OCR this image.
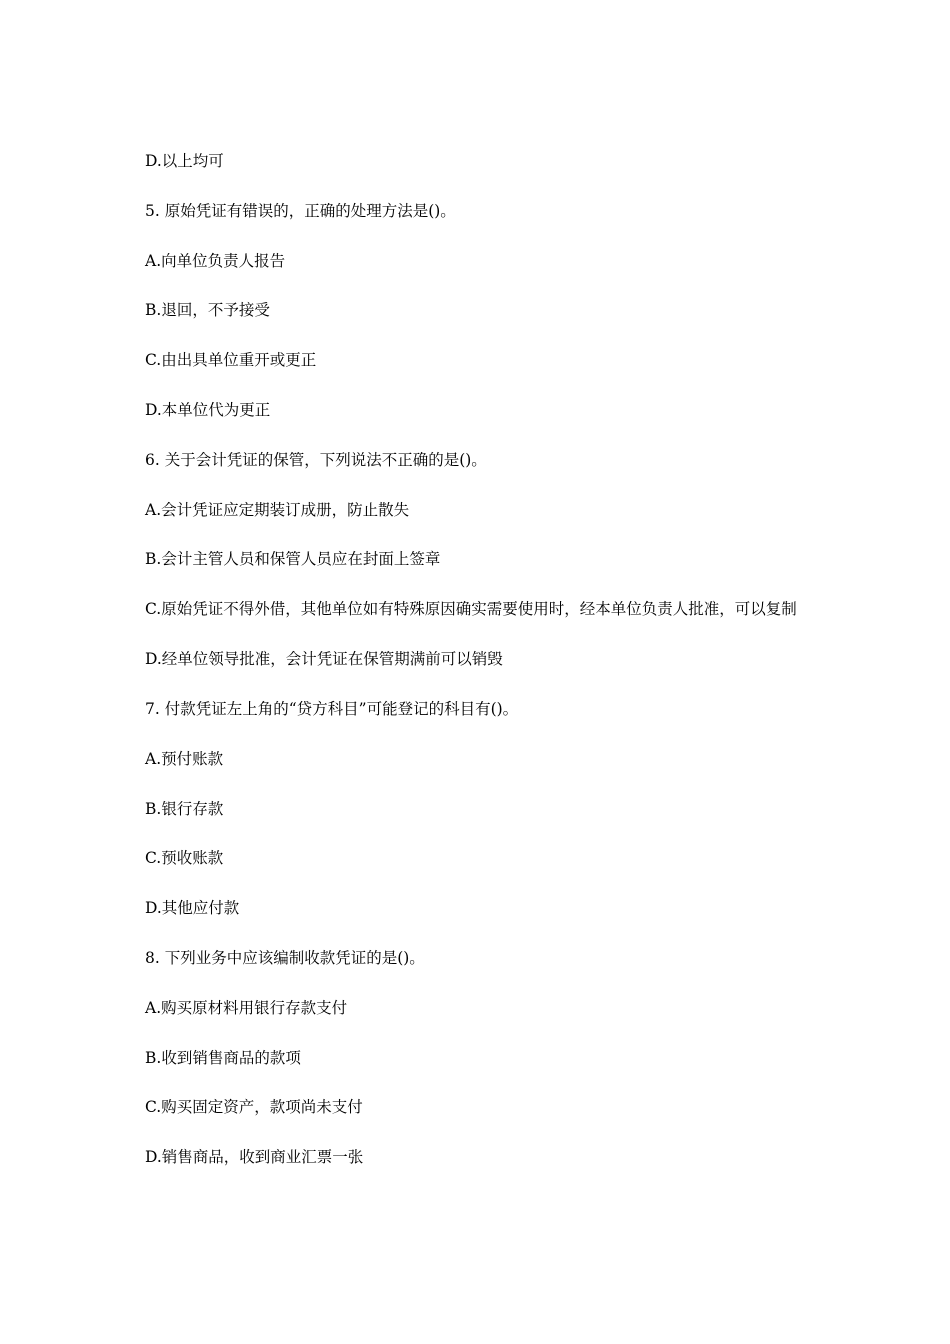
D.以上均可

5. 原始凭证有错误的，正确的处理方法是()。

A.向单位负责人报告

B.退回，不予接受

C.由出具单位重开或更正

D.本单位代为更正

6. 关于会计凭证的保管，下列说法不正确的是()。

A.会计凭证应定期装订成册，防止散失

B.会计主管人员和保管人员应在封面上签章

C.原始凭证不得外借，其他单位如有特殊原因确实需要使用时，经本单位负责人批准，可以复制

D.经单位领导批准，会计凭证在保管期满前可以销毁

7. 付款凭证左上角的“贷方科目”可能登记的科目有()。

A.预付账款

B.银行存款

C.预收账款

D.其他应付款

8. 下列业务中应该编制收款凭证的是()。

A.购买原材料用银行存款支付

B.收到销售商品的款项

C.购买固定资产，款项尚未支付

D.销售商品，收到商业汇票一张
